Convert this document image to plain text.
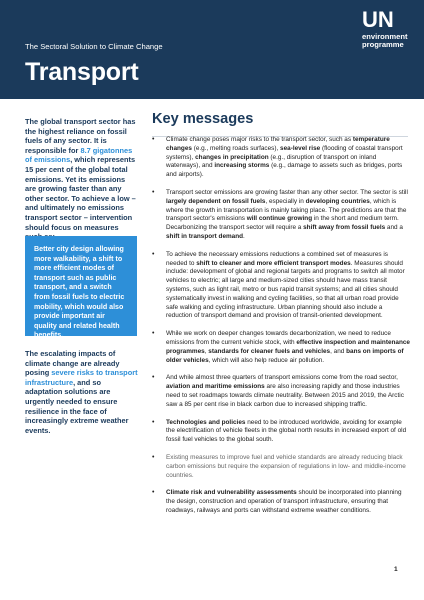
The Sectoral Solution to Climate Change
Transport
UN
environment
programme

The global transport sector has the highest reliance on fossil fuels of any sector. It is responsible for 8.7 gigatonnes of emissions, which represents 15 per cent of the global total emissions. Yet its emissions are growing faster than any other sector. To achieve a low – and ultimately no emissions transport sector – intervention should focus on measures

Better city design allowing more walkability, a shift to more efficient modes of transport such as public transport, and a switch from fossil fuels to electric mobility, which would also provide important air quality and related health benefits.

The escalating impacts of climate change are already posing severe risks to transport infrastructure, and so adaptation solutions are urgently needed to ensure resilience in the face of increasingly extreme weather events.

Key messages
• Climate change poses major risks to the transport sector, such as temperature changes (e.g., melting roads surfaces), sea-level rise (flooding of coastal transport systems), changes in precipitation (e.g., disruption of transport on inland waterways), and increasing storms (e.g., damage to assets such as bridges, ports and airports).
• Transport sector emissions are growing faster than any other sector. The sector is still largely dependent on fossil fuels, especially in developing countries, which is where the growth in transportation is mainly taking place. The predictions are that the transport sector's emissions will continue growing in the short and medium term. Decarbonizing the transport sector will require a shift away from fossil fuels and a shift in transport demand.
• To achieve the necessary emissions reductions a combined set of measures is needed to shift to cleaner and more efficient transport modes. Measures should include: development of global and regional targets and programs to switch all motor vehicles to electric; all large and medium-sized cities should have mass transit systems, such as light rail, metro or bus rapid transit systems; and all cities should systematically invest in walking and cycling facilities, so that all urban road provide safe walking and cycling infrastructure. Urban planning should also include a reduction of transport demand and provision of transit-oriented development.
• While we work on deeper changes towards decarbonization, we need to reduce emissions from the current vehicle stock, with effective inspection and maintenance programmes, standards for cleaner fuels and vehicles, and bans on imports of older vehicles, which will also help reduce air pollution.
• And while almost three quarters of transport emissions come from the road sector, aviation and maritime emissions are also increasing rapidly and those industries need to set roadmaps towards climate neutrality. Between 2015 and 2019, the Arctic saw a 85 per cent rise in black carbon due to increased shipping traffic.
• Technologies and policies need to be introduced worldwide, avoiding for example the electrification of vehicle fleets in the global north results in increased export of old fossil fuel vehicles to the global south.
• Existing measures to improve fuel and vehicle standards are already reducing black carbon emissions but require the expansion of regulations in low- and middle-income countries.
• Climate risk and vulnerability assessments should be incorporated into planning the design, construction and operation of transport infrastructure, ensuring that roadways, railways and ports can withstand extreme weather conditions.
1
